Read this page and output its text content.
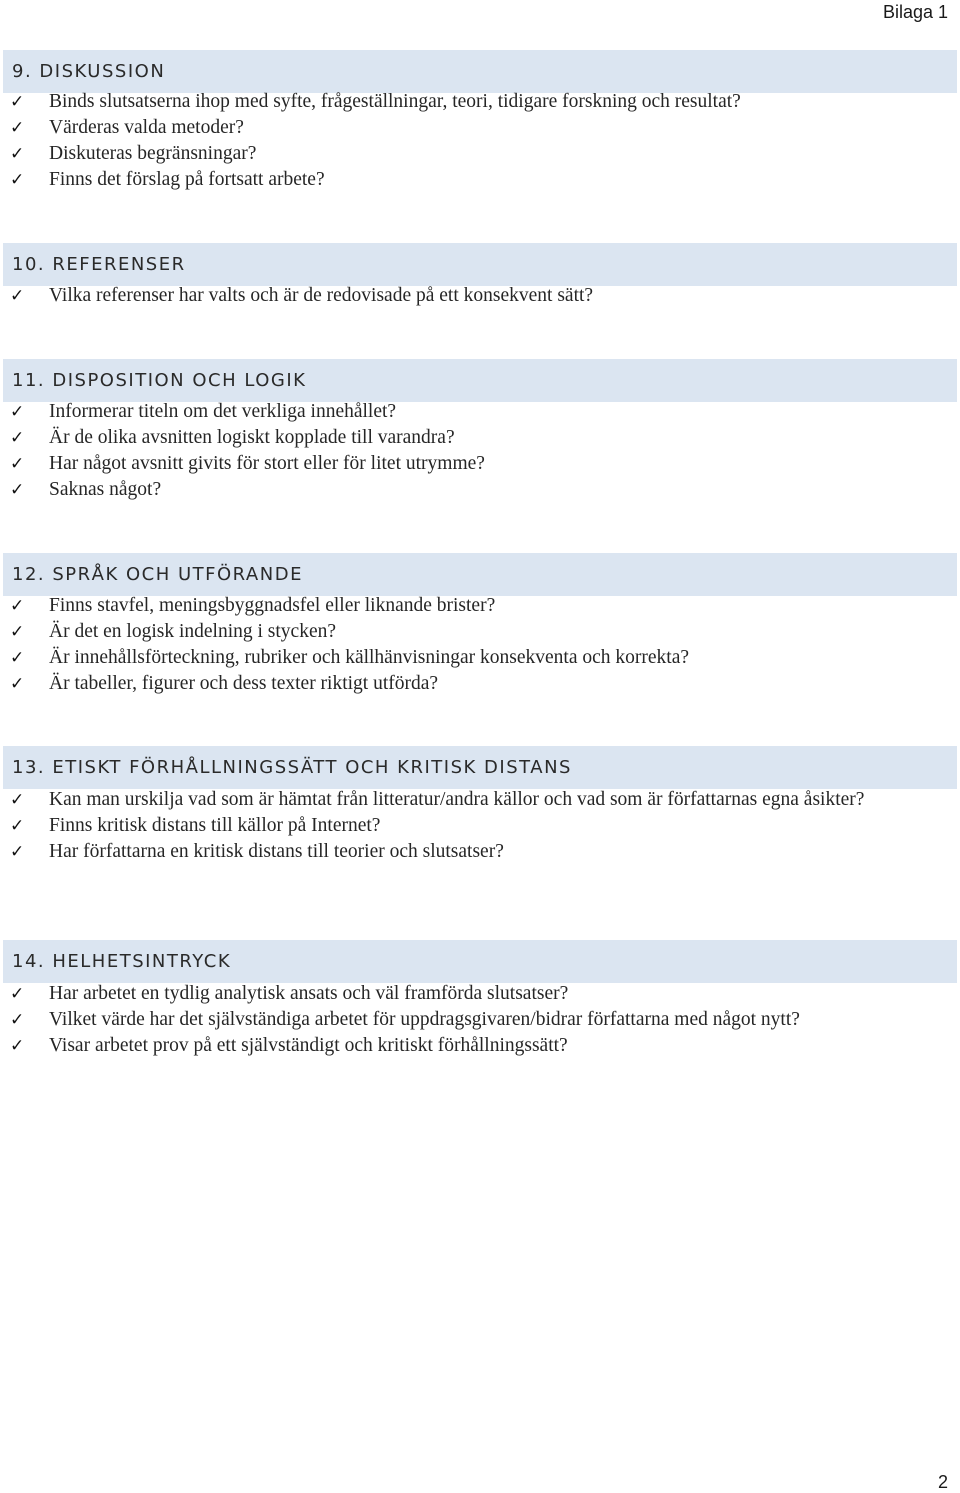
Bilaga 1
9. DISKUSSION
✓ Binds slutsatserna ihop med syfte, frågeställningar, teori, tidigare forskning och resultat?
✓ Värderas valda metoder?
✓ Diskuteras begränsningar?
✓ Finns det förslag på fortsatt arbete?
10. REFERENSER
✓ Vilka referenser har valts och är de redovisade på ett konsekvent sätt?
11. DISPOSITION OCH LOGIK
✓ Informerar titeln om det verkliga innehållet?
✓ Är de olika avsnitten logiskt kopplade till varandra?
✓ Har något avsnitt givits för stort eller för litet utrymme?
✓ Saknas något?
12. SPRÅK OCH UTFÖRANDE
✓ Finns stavfel, meningsbyggnadsfel eller liknande brister?
✓ Är det en logisk indelning i stycken?
✓ Är innehållsförteckning, rubriker och källhänvisningar konsekventa och korrekta?
✓ Är tabeller, figurer och dess texter riktigt utförda?
13. ETISKT FÖRHÅLLNINGSSÄTT OCH KRITISK DISTANS
✓ Kan man urskilja vad som är hämtat från litteratur/andra källor och vad som är författarnas egna åsikter?
✓ Finns kritisk distans till källor på Internet?
✓ Har författarna en kritisk distans till teorier och slutsatser?
14. HELHETSINTRYCK
✓ Har arbetet en tydlig analytisk ansats och väl framförda slutsatser?
✓ Vilket värde har det självständiga arbetet för uppdragsgivaren/bidrar författarna med något nytt?
✓ Visar arbetet prov på ett självständigt och kritiskt förhållningssätt?
2
